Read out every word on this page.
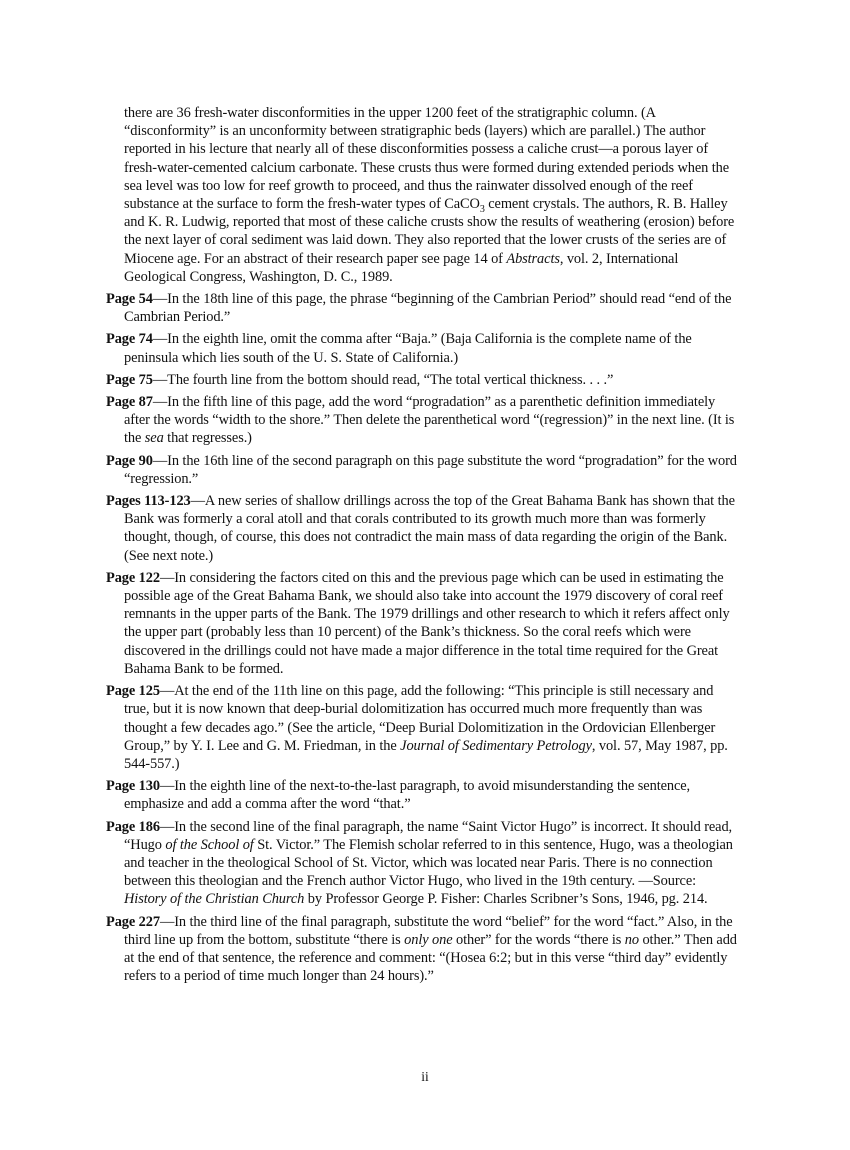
there are 36 fresh-water disconformities in the upper 1200 feet of the stratigraphic column. (A “disconformity” is an unconformity between stratigraphic beds (layers) which are parallel.) The author reported in his lecture that nearly all of these disconformities possess a caliche crust—a porous layer of fresh-water-cemented calcium carbonate. These crusts thus were formed during extended periods when the sea level was too low for reef growth to proceed, and thus the rainwater dissolved enough of the reef substance at the surface to form the fresh-water types of CaCO$_3$ cement crystals. The authors, R. B. Halley and K. R. Ludwig, reported that most of these caliche crusts show the results of weathering (erosion) before the next layer of coral sediment was laid down. They also reported that the lower crusts of the series are of Miocene age. For an abstract of their research paper see page 14 of Abstracts, vol. 2, International Geological Congress, Washington, D. C., 1989.

Page 54—In the 18th line of this page, the phrase “beginning of the Cambrian Period” should read “end of the Cambrian Period.”

Page 74—In the eighth line, omit the comma after “Baja.” (Baja California is the complete name of the peninsula which lies south of the U. S. State of California.)

Page 75—The fourth line from the bottom should read, “The total vertical thickness. . . .”

Page 87—In the fifth line of this page, add the word “progradation” as a parenthetic definition immediately after the words “width to the shore.” Then delete the parenthetical word “(regression)” in the next line. (It is the sea that regresses.)

Page 90—In the 16th line of the second paragraph on this page substitute the word “progradation” for the word “regression.”

Pages 113-123—A new series of shallow drillings across the top of the Great Bahama Bank has shown that the Bank was formerly a coral atoll and that corals contributed to its growth much more than was formerly thought, though, of course, this does not contradict the main mass of data regarding the origin of the Bank. (See next note.)

Page 122—In considering the factors cited on this and the previous page which can be used in estimating the possible age of the Great Bahama Bank, we should also take into account the 1979 discovery of coral reef remnants in the upper parts of the Bank. The 1979 drillings and other research to which it refers affect only the upper part (probably less than 10 percent) of the Bank’s thickness. So the coral reefs which were discovered in the drillings could not have made a major difference in the total time required for the Great Bahama Bank to be formed.

Page 125—At the end of the 11th line on this page, add the following: “This principle is still necessary and true, but it is now known that deep-burial dolomitization has occurred much more frequently than was thought a few decades ago.” (See the article, “Deep Burial Dolomitization in the Ordovician Ellenberger Group,” by Y. I. Lee and G. M. Friedman, in the Journal of Sedimentary Petrology, vol. 57, May 1987, pp. 544-557.)

Page 130—In the eighth line of the next-to-the-last paragraph, to avoid misunderstanding the sentence, emphasize and add a comma after the word “that.”

Page 186—In the second line of the final paragraph, the name “Saint Victor Hugo” is incorrect. It should read, “Hugo of the School of St. Victor.” The Flemish scholar referred to in this sentence, Hugo, was a theologian and teacher in the theological School of St. Victor, which was located near Paris. There is no connection between this theologian and the French author Victor Hugo, who lived in the 19th century. —Source: History of the Christian Church by Professor George P. Fisher: Charles Scribner’s Sons, 1946, pg. 214.

Page 227—In the third line of the final paragraph, substitute the word “belief” for the word “fact.” Also, in the third line up from the bottom, substitute “there is only one other” for the words “there is no other.” Then add at the end of that sentence, the reference and comment: “(Hosea 6:2; but in this verse “third day” evidently refers to a period of time much longer than 24 hours).”

ii
